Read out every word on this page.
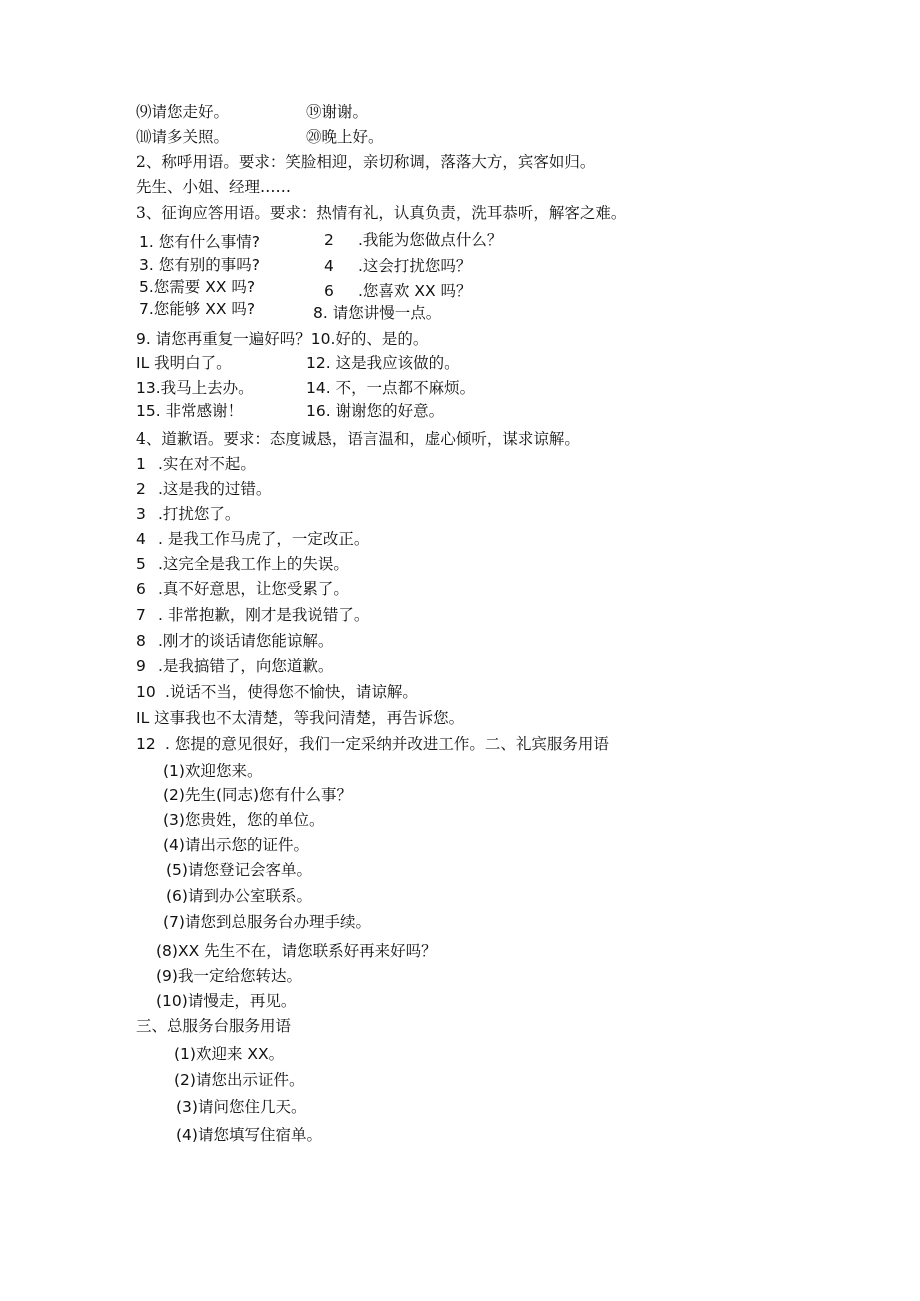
⑼请您走好。	⑲谢谢。
⑽请多关照。	⑳晚上好。
2、称呼用语。要求：笑脸相迎，亲切称调，落落大方，宾客如归。
先生、小姐、经理……
3、征询应答用语。要求：热情有礼，认真负责，洗耳恭听，解客之难。
1. 您有什么事情?	2 .我能为您做点什么？
3. 您有别的事吗?	4 .这会打扰您吗？
5.您需要 XX 吗?	6 .您喜欢 XX 吗？
7.您能够 XX 吗?	8. 请您讲慢一点。
9. 请您再重复一遍好吗？10.好的、是的。
IL 我明白了。	12. 这是我应该做的。
13.我马上去办。	14. 不，一点都不麻烦。
15. 非常感谢！	16. 谢谢您的好意。
4、道歉语。要求：态度诚恳，语言温和，虚心倾听，谋求谅解。
1 .实在对不起。
2 .这是我的过错。
3 .打扰您了。
4 . 是我工作马虎了，一定改正。
5 .这完全是我工作上的失误。
6 .真不好意思，让您受累了。
7 . 非常抱歉，刚才是我说错了。
8 .刚才的谈话请您能谅解。
9 .是我搞错了，向您道歉。
10 .说话不当，使得您不愉快，请谅解。
IL 这事我也不太清楚，等我问清楚，再告诉您。
12 . 您提的意见很好，我们一定采纳并改进工作。二、礼宾服务用语
(1)欢迎您来。
(2)先生(同志)您有什么事？
(3)您贵姓，您的单位。
(4)请出示您的证件。
(5)请您登记会客单。
(6)请到办公室联系。
(7)请您到总服务台办理手续。
(8)XX 先生不在，请您联系好再来好吗？
(9)我一定给您转达。
(10)请慢走，再见。
三、总服务台服务用语
(1)欢迎来 XX。
(2)请您出示证件。
(3)请问您住几天。
(4)请您填写住宿单。
